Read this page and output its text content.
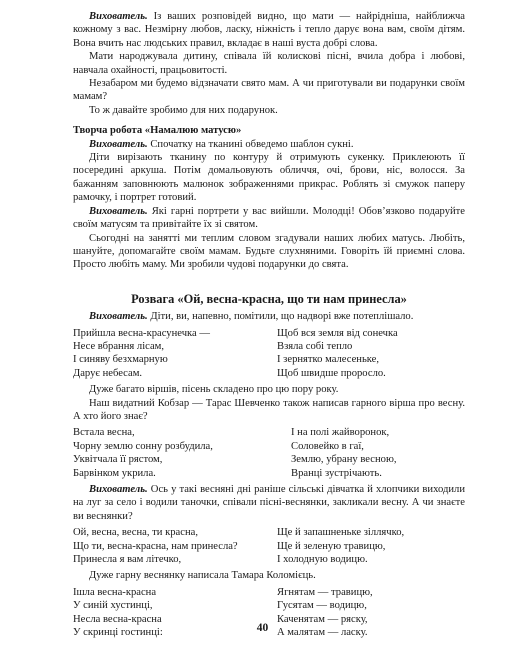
Вихователь. Із ваших розповідей видно, що мати — найрідніша, найближча кожному з вас. Незмірну любов, ласку, ніжність і тепло дарує вона вам, своїм дітям. Вона вчить нас людських правил, вкладає в наші вуста добрі слова.

Мати народжувала дитину, співала їй колискові пісні, вчила добра і любові, навчала охайності, працьовитості.

Незабаром ми будемо відзначати свято мам. А чи приготували ви подарунки своїм мамам?

То ж давайте зробимо для них подарунок.

Творча робота «Намалюю матусю»

Вихователь. Спочатку на тканині обведемо шаблон сукні.

Діти вирізають тканину по контуру й отримують сукенку. Приклеюють її посередині аркуша. Потім домальовують обличчя, очі, брови, ніс, волосся. За бажанням заповнюють малюнок зображеннями прикрас. Роблять зі смужок паперу рамочку, і портрет готовий.

Вихователь. Які гарні портрети у вас вийшли. Молодці! Обов’язково подаруйте своїм матусям та привітайте їх зі святом.

Сьогодні на занятті ми теплим словом згадували наших любих матусь. Любіть, шануйте, допомагайте своїм мамам. Будьте слухняними. Говоріть їй приємні слова. Просто любіть маму. Ми зробили чудові подарунки до свята.

Розвага «Ой, весна-красна, що ти нам принесла»

Вихователь. Діти, ви, напевно, помітили, що надворі вже потеплішало.

Прийшла весна-красунечка —
Несе вбрання лісам,
І синяву безхмарную
Дарує небесам.
Щоб вся земля від сонечка
Взяла собі тепло
І зернятко малесеньке,
Щоб швидше проросло.

Дуже багато віршів, пісень складено про цю пору року.

Наш видатний Кобзар — Тарас Шевченко також написав гарного вірша про весну. А хто його знає?

Встала весна,
Чорну землю сонну розбудила,
Уквітчала її рястом,
Барвінком укрила.
І на полі жайворонок,
Соловейко в гаї,
Землю, убрану весною,
Вранці зустрічають.

Вихователь. Ось у такі весняні дні раніше сільські дівчатка й хлопчики виходили на луг за село і водили таночки, співали пісні-веснянки, закликали весну. А чи знаєте ви веснянки?

Ой, весна, весна, ти красна,
Що ти, весна-красна, нам принесла?
Принесла я вам літечко,
Ще й запашненьке зіллячко,
Ще й зеленую травицю,
І холодную водицю.

Дуже гарну веснянку написала Тамара Коломієць.

Ішла весна-красна
У синій хустинці,
Несла весна-красна
У скринці гостинці:
Ягнятам — травицю,
Гусятам — водицю,
Каченятам — ряску,
А малятам — ласку.
40
